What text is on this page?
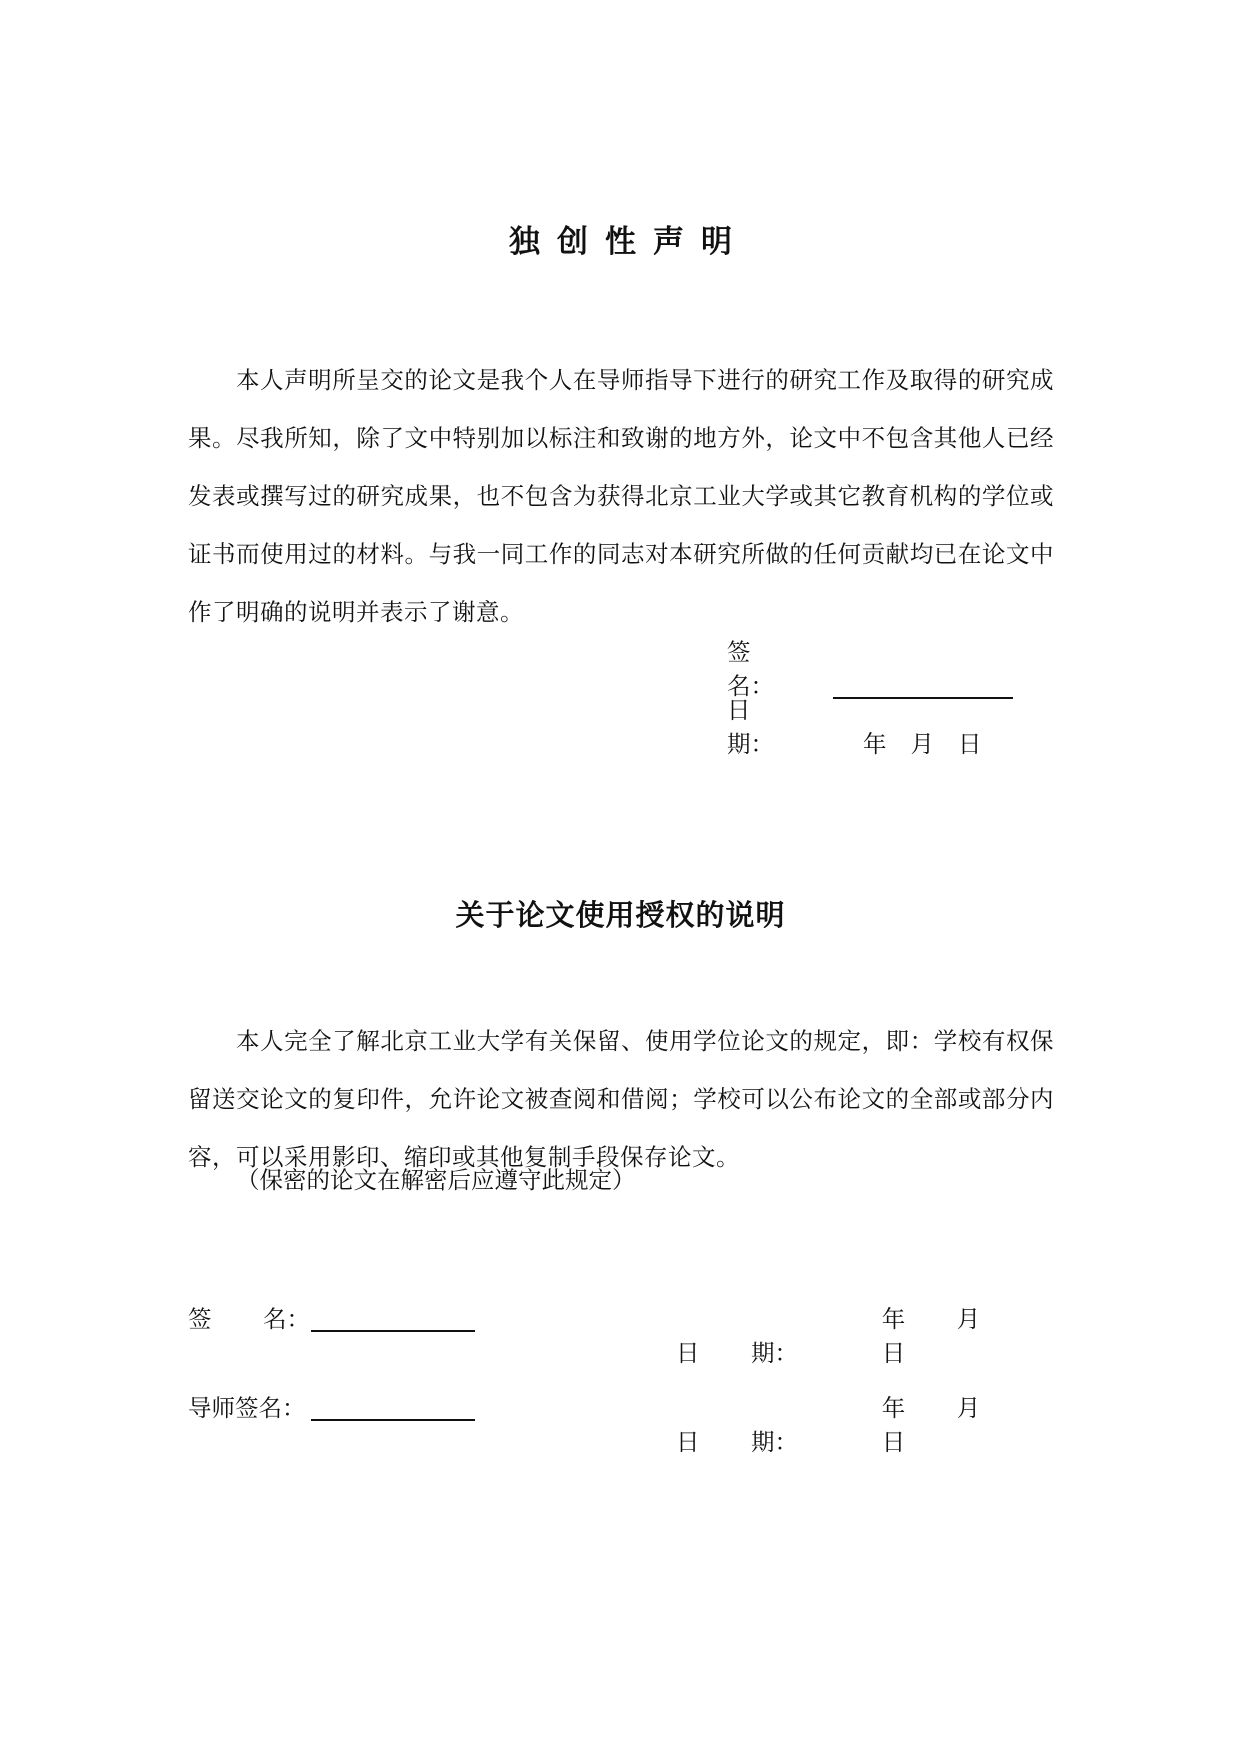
独创性声明
本人声明所呈交的论文是我个人在导师指导下进行的研究工作及取得的研究成果。尽我所知，除了文中特别加以标注和致谢的地方外，论文中不包含其他人已经发表或撰写过的研究成果，也不包含为获得北京工业大学或其它教育机构的学位或证书而使用过的材料。与我一同工作的同志对本研究所做的任何贡献均已在论文中作了明确的说明并表示了谢意。
签名：
日期：	年 月 日
关于论文使用授权的说明
本人完全了解北京工业大学有关保留、使用学位论文的规定，即：学校有权保留送交论文的复印件，允许论文被查阅和借阅；学校可以公布论文的全部或部分内容，可以采用影印、缩印或其他复制手段保存论文。
（保密的论文在解密后应遵守此规定）
签 名：
日 期：
年 月日
导师签名：
日 期：
年 月日
